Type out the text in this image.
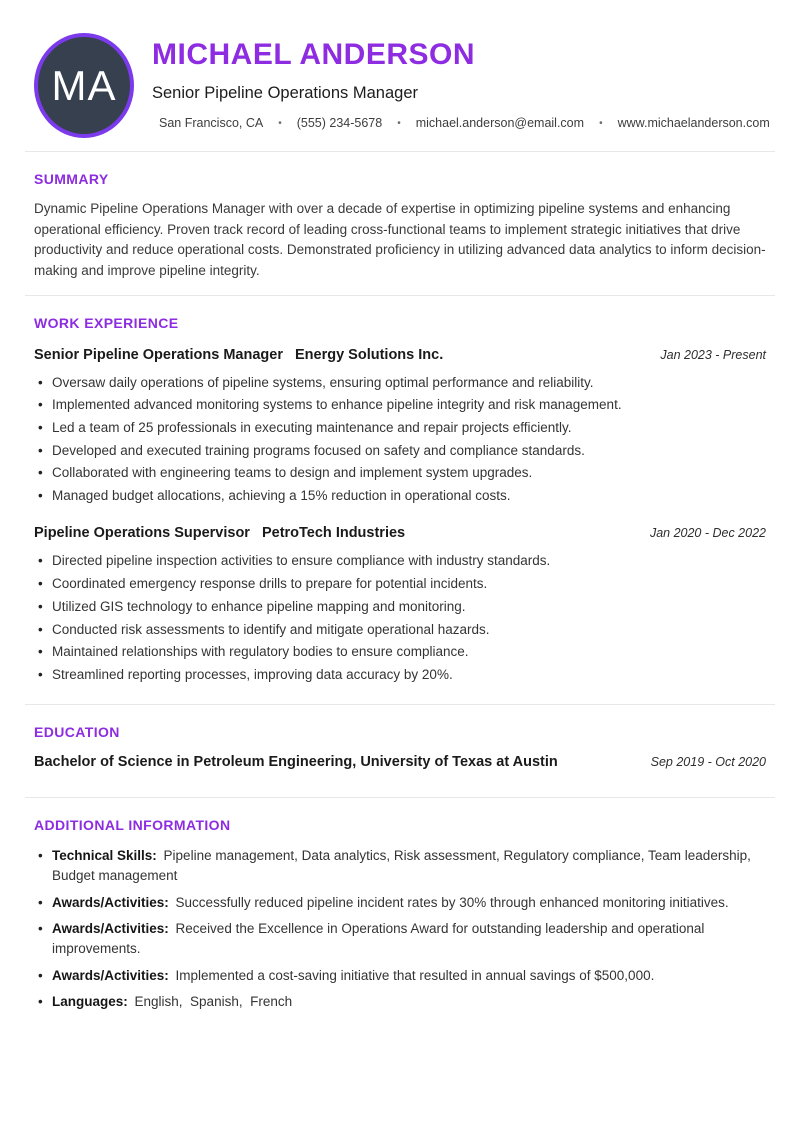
MA
MICHAEL ANDERSON
Senior Pipeline Operations Manager
San Francisco, CA • (555) 234-5678 • michael.anderson@email.com • www.michaelanderson.com
SUMMARY

Dynamic Pipeline Operations Manager with over a decade of expertise in optimizing pipeline systems and enhancing operational efficiency. Proven track record of leading cross-functional teams to implement strategic initiatives that drive productivity and reduce operational costs. Demonstrated proficiency in utilizing advanced data analytics to inform decision-making and improve pipeline integrity.

WORK EXPERIENCE
Senior Pipeline Operations Manager Energy Solutions Inc.	Jan 2023 - Present
• Oversaw daily operations of pipeline systems, ensuring optimal performance and reliability.
• Implemented advanced monitoring systems to enhance pipeline integrity and risk management.
• Led a team of 25 professionals in executing maintenance and repair projects efficiently.
• Developed and executed training programs focused on safety and compliance standards.
• Collaborated with engineering teams to design and implement system upgrades.
• Managed budget allocations, achieving a 15% reduction in operational costs.
Pipeline Operations Supervisor PetroTech Industries	Jan 2020 - Dec 2022
• Directed pipeline inspection activities to ensure compliance with industry standards.
• Coordinated emergency response drills to prepare for potential incidents.
• Utilized GIS technology to enhance pipeline mapping and monitoring.
• Conducted risk assessments to identify and mitigate operational hazards.
• Maintained relationships with regulatory bodies to ensure compliance.
• Streamlined reporting processes, improving data accuracy by 20%.
EDUCATION
Bachelor of Science in Petroleum Engineering, University of Texas at Austin	Sep 2019 - Oct 2020
ADDITIONAL INFORMATION
• Technical Skills: Pipeline management, Data analytics, Risk assessment, Regulatory compliance, Team leadership, Budget management
• Awards/Activities: Successfully reduced pipeline incident rates by 30% through enhanced monitoring initiatives.
• Awards/Activities: Received the Excellence in Operations Award for outstanding leadership and operational improvements.
• Awards/Activities: Implemented a cost-saving initiative that resulted in annual savings of $500,000.
• Languages: English,  Spanish,  French
